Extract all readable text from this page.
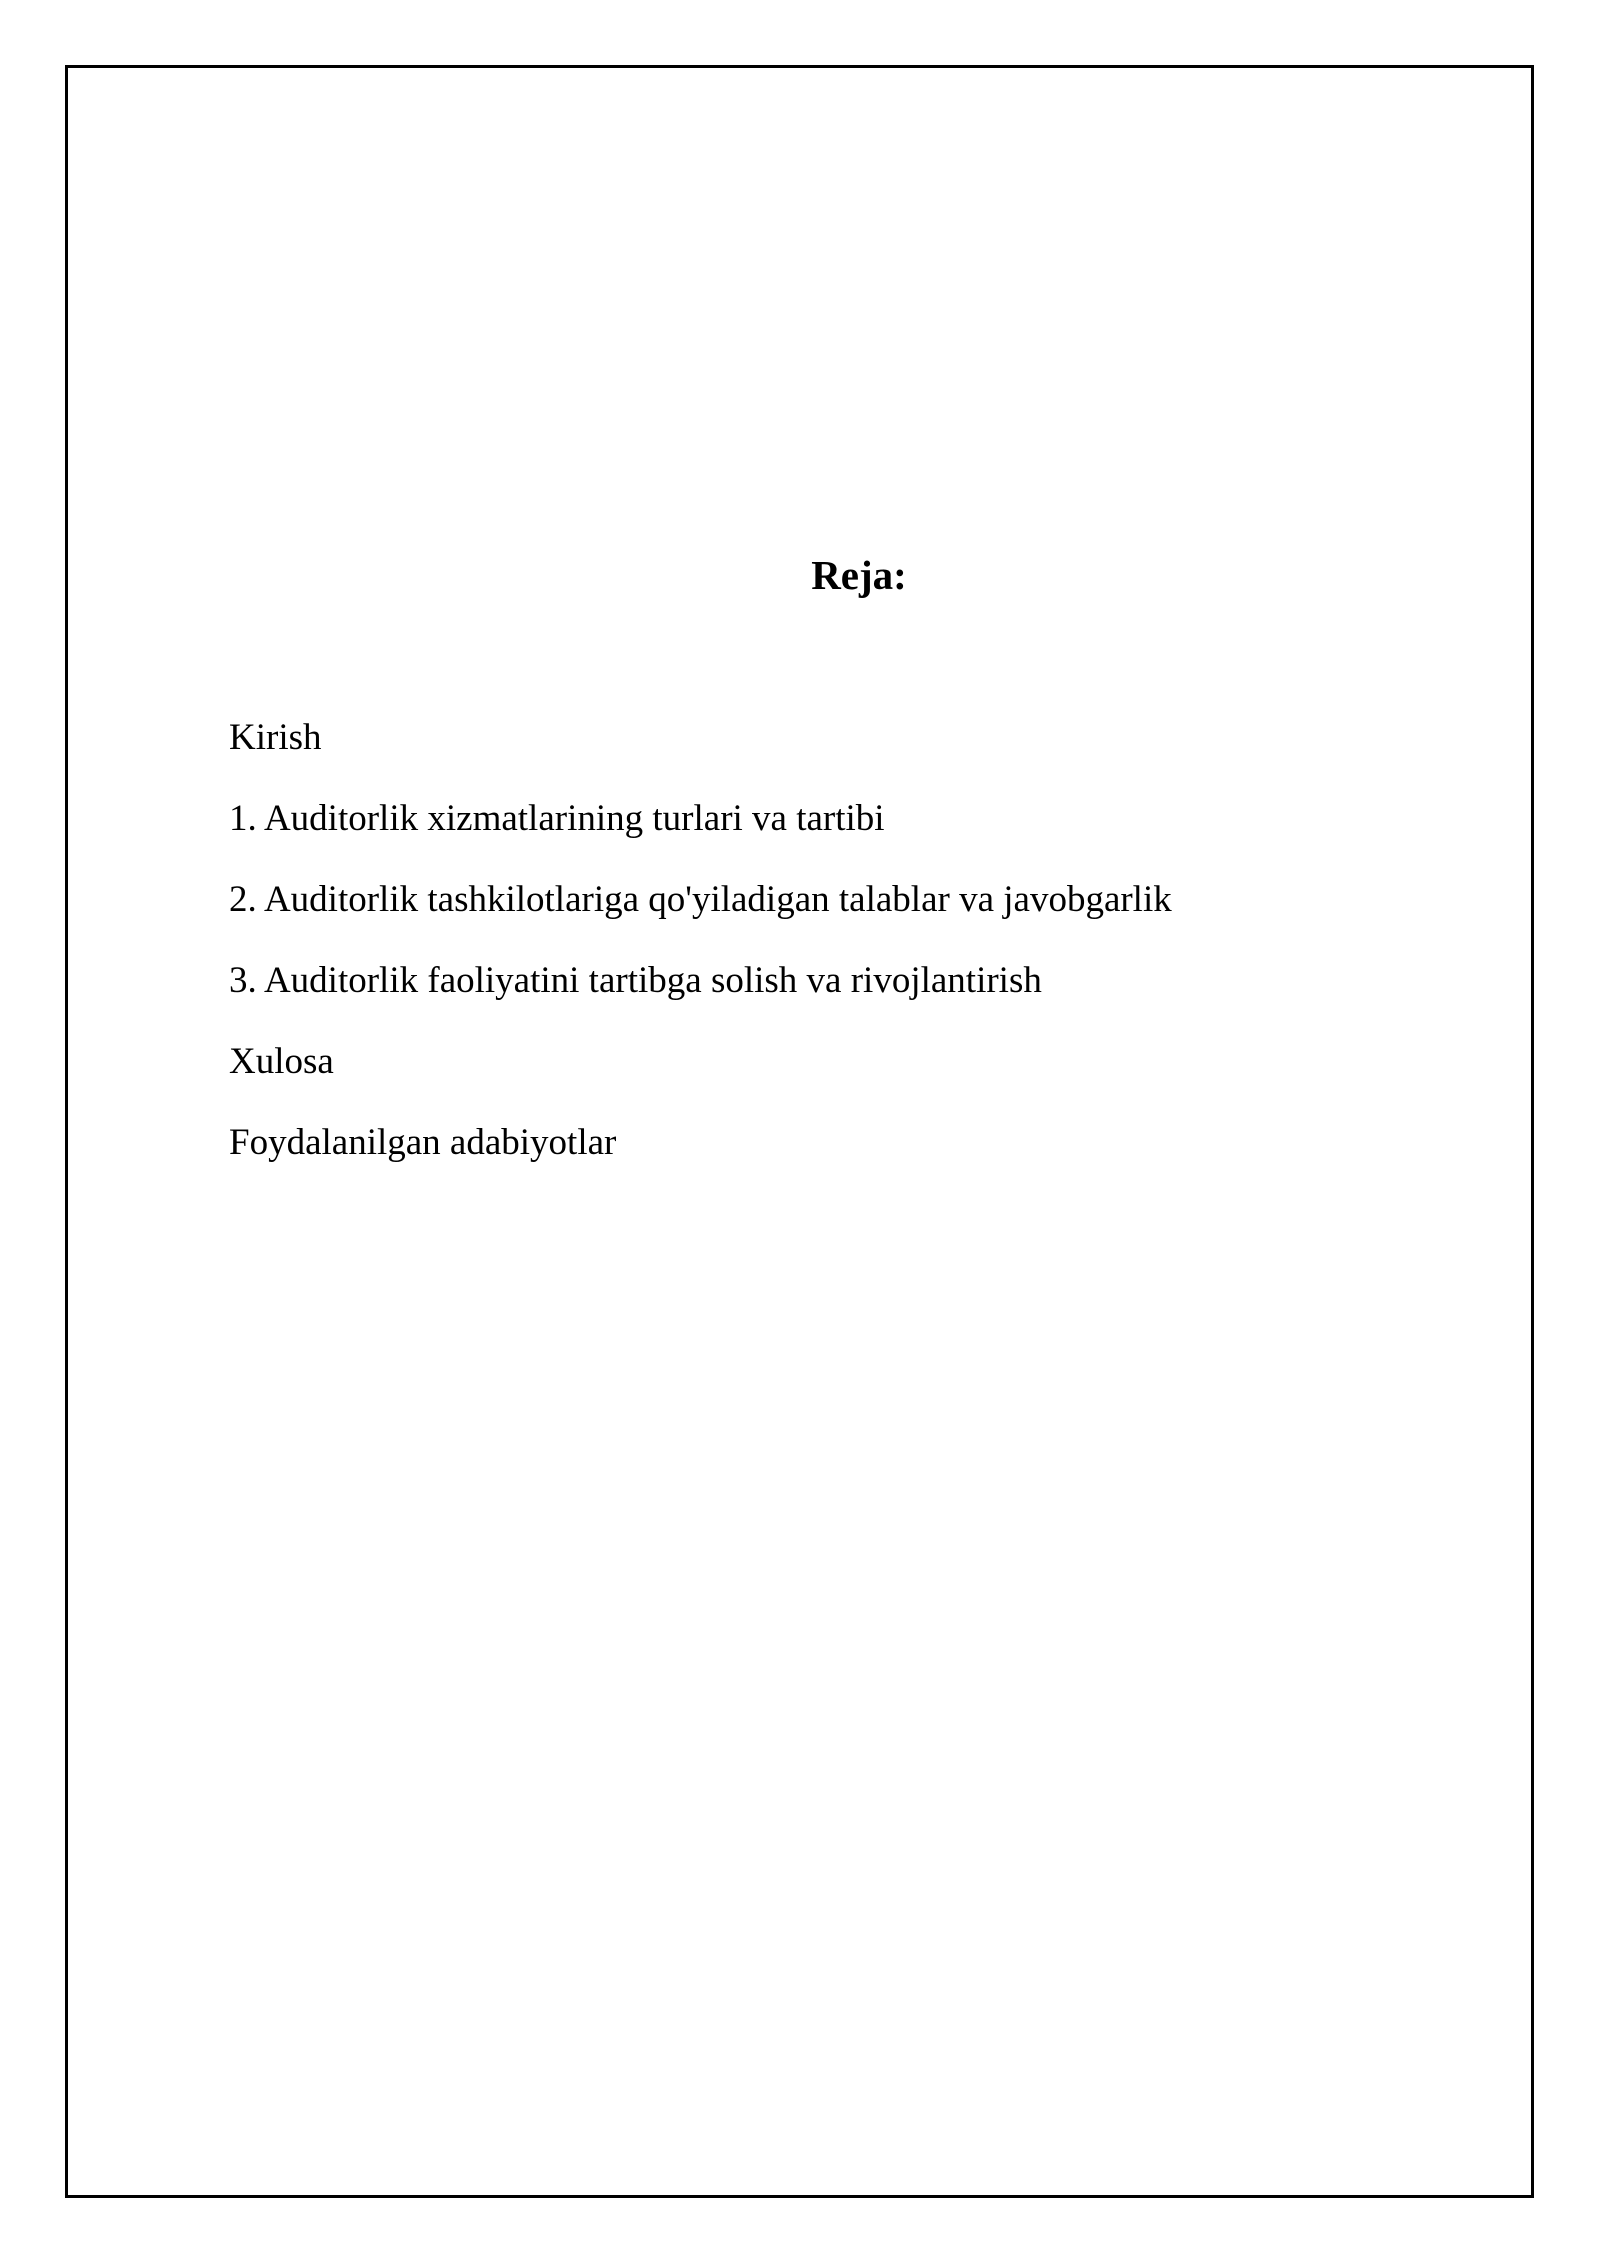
Reja:
Kirish
1. Auditorlik xizmatlarining turlari va tartibi
2. Auditorlik tashkilotlariga qo'yiladigan talablar va javobgarlik
3. Auditorlik faoliyatini tartibga solish va rivojlantirish
Xulosa
Foydalanilgan adabiyotlar
